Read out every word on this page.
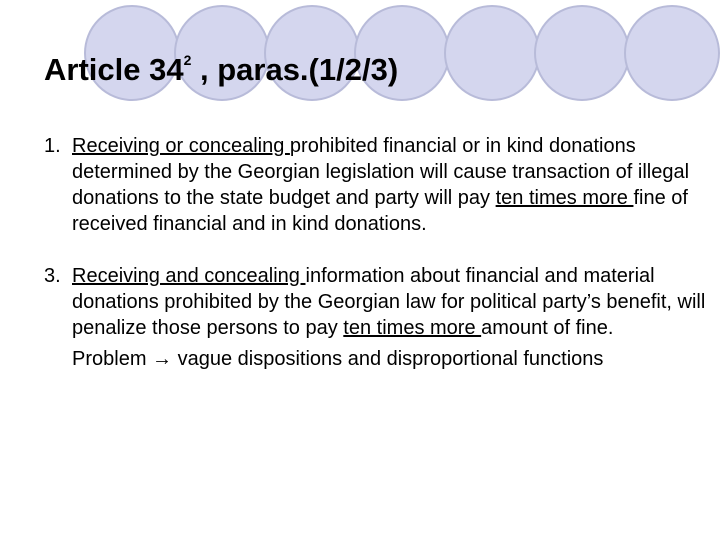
Article $34^2$ , paras.(1/2/3)

1. Receiving or concealing prohibited financial or in kind donations determined by the Georgian legislation will cause transaction of illegal donations to the state budget and party will pay ten times more fine of received financial and in kind donations.

3. Receiving and concealing information about financial and material donations prohibited by the Georgian law for political party’s benefit, will penalize those persons to pay ten times more amount of fine.

Problem → vague dispositions and disproportional functions
